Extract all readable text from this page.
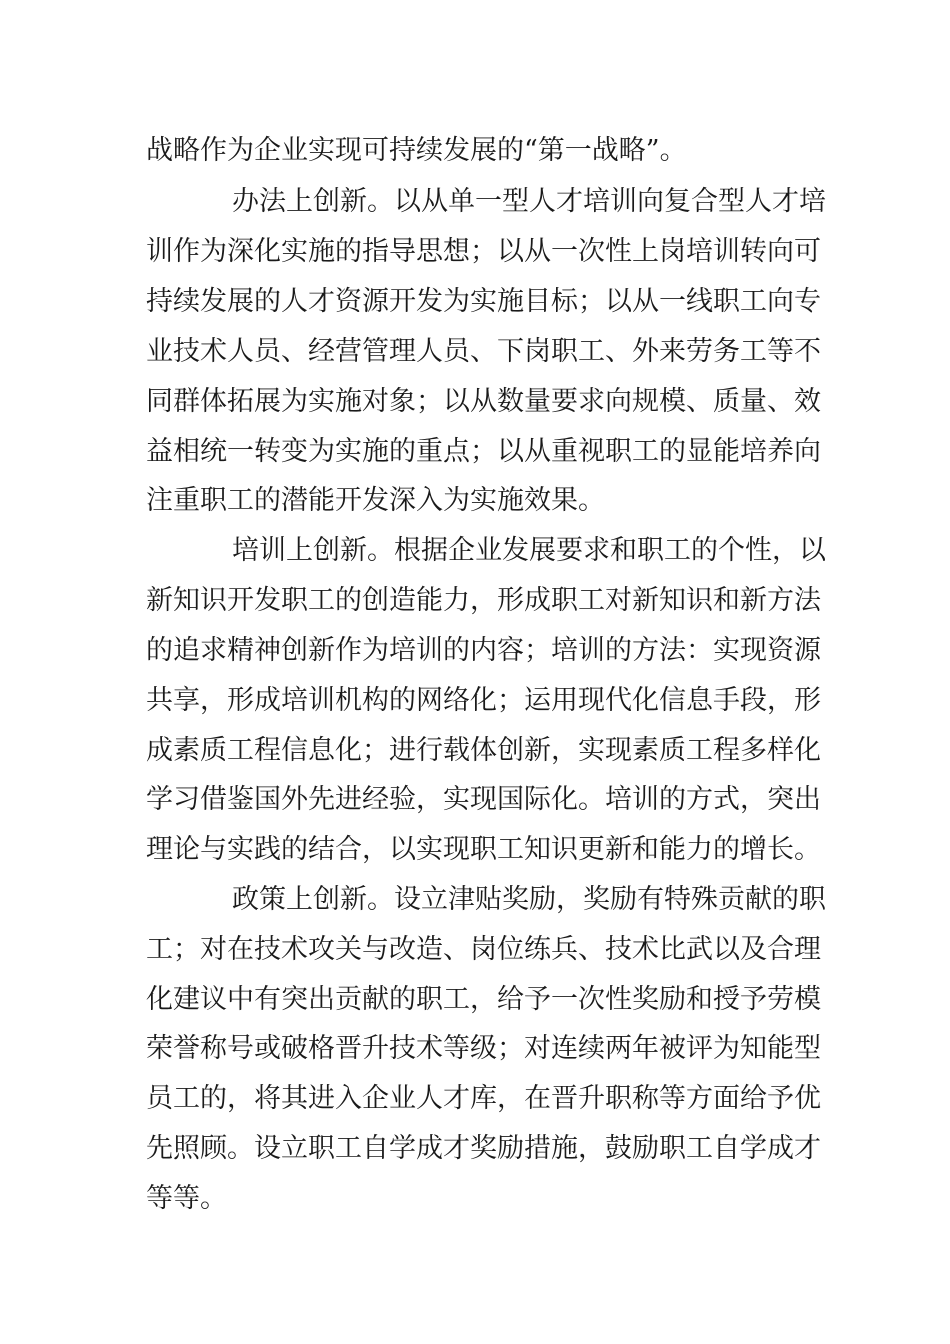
战略作为企业实现可持续发展的“第一战略”。
办法上创新。以从单一型人才培训向复合型人才培
训作为深化实施的指导思想；以从一次性上岗培训转向可
持续发展的人才资源开发为实施目标；以从一线职工向专
业技术人员、经营管理人员、下岗职工、外来劳务工等不
同群体拓展为实施对象；以从数量要求向规模、质量、效
益相统一转变为实施的重点；以从重视职工的显能培养向
注重职工的潜能开发深入为实施效果。
培训上创新。根据企业发展要求和职工的个性，以
新知识开发职工的创造能力，形成职工对新知识和新方法
的追求精神创新作为培训的内容；培训的方法：实现资源
共享，形成培训机构的网络化；运用现代化信息手段，形
成素质工程信息化；进行载体创新，实现素质工程多样化
学习借鉴国外先进经验，实现国际化。培训的方式，突出
理论与实践的结合，以实现职工知识更新和能力的增长。
政策上创新。设立津贴奖励，奖励有特殊贡献的职
工；对在技术攻关与改造、岗位练兵、技术比武以及合理
化建议中有突出贡献的职工，给予一次性奖励和授予劳模
荣誉称号或破格晋升技术等级；对连续两年被评为知能型
员工的，将其进入企业人才库，在晋升职称等方面给予优
先照顾。设立职工自学成才奖励措施，鼓励职工自学成才
等等。
